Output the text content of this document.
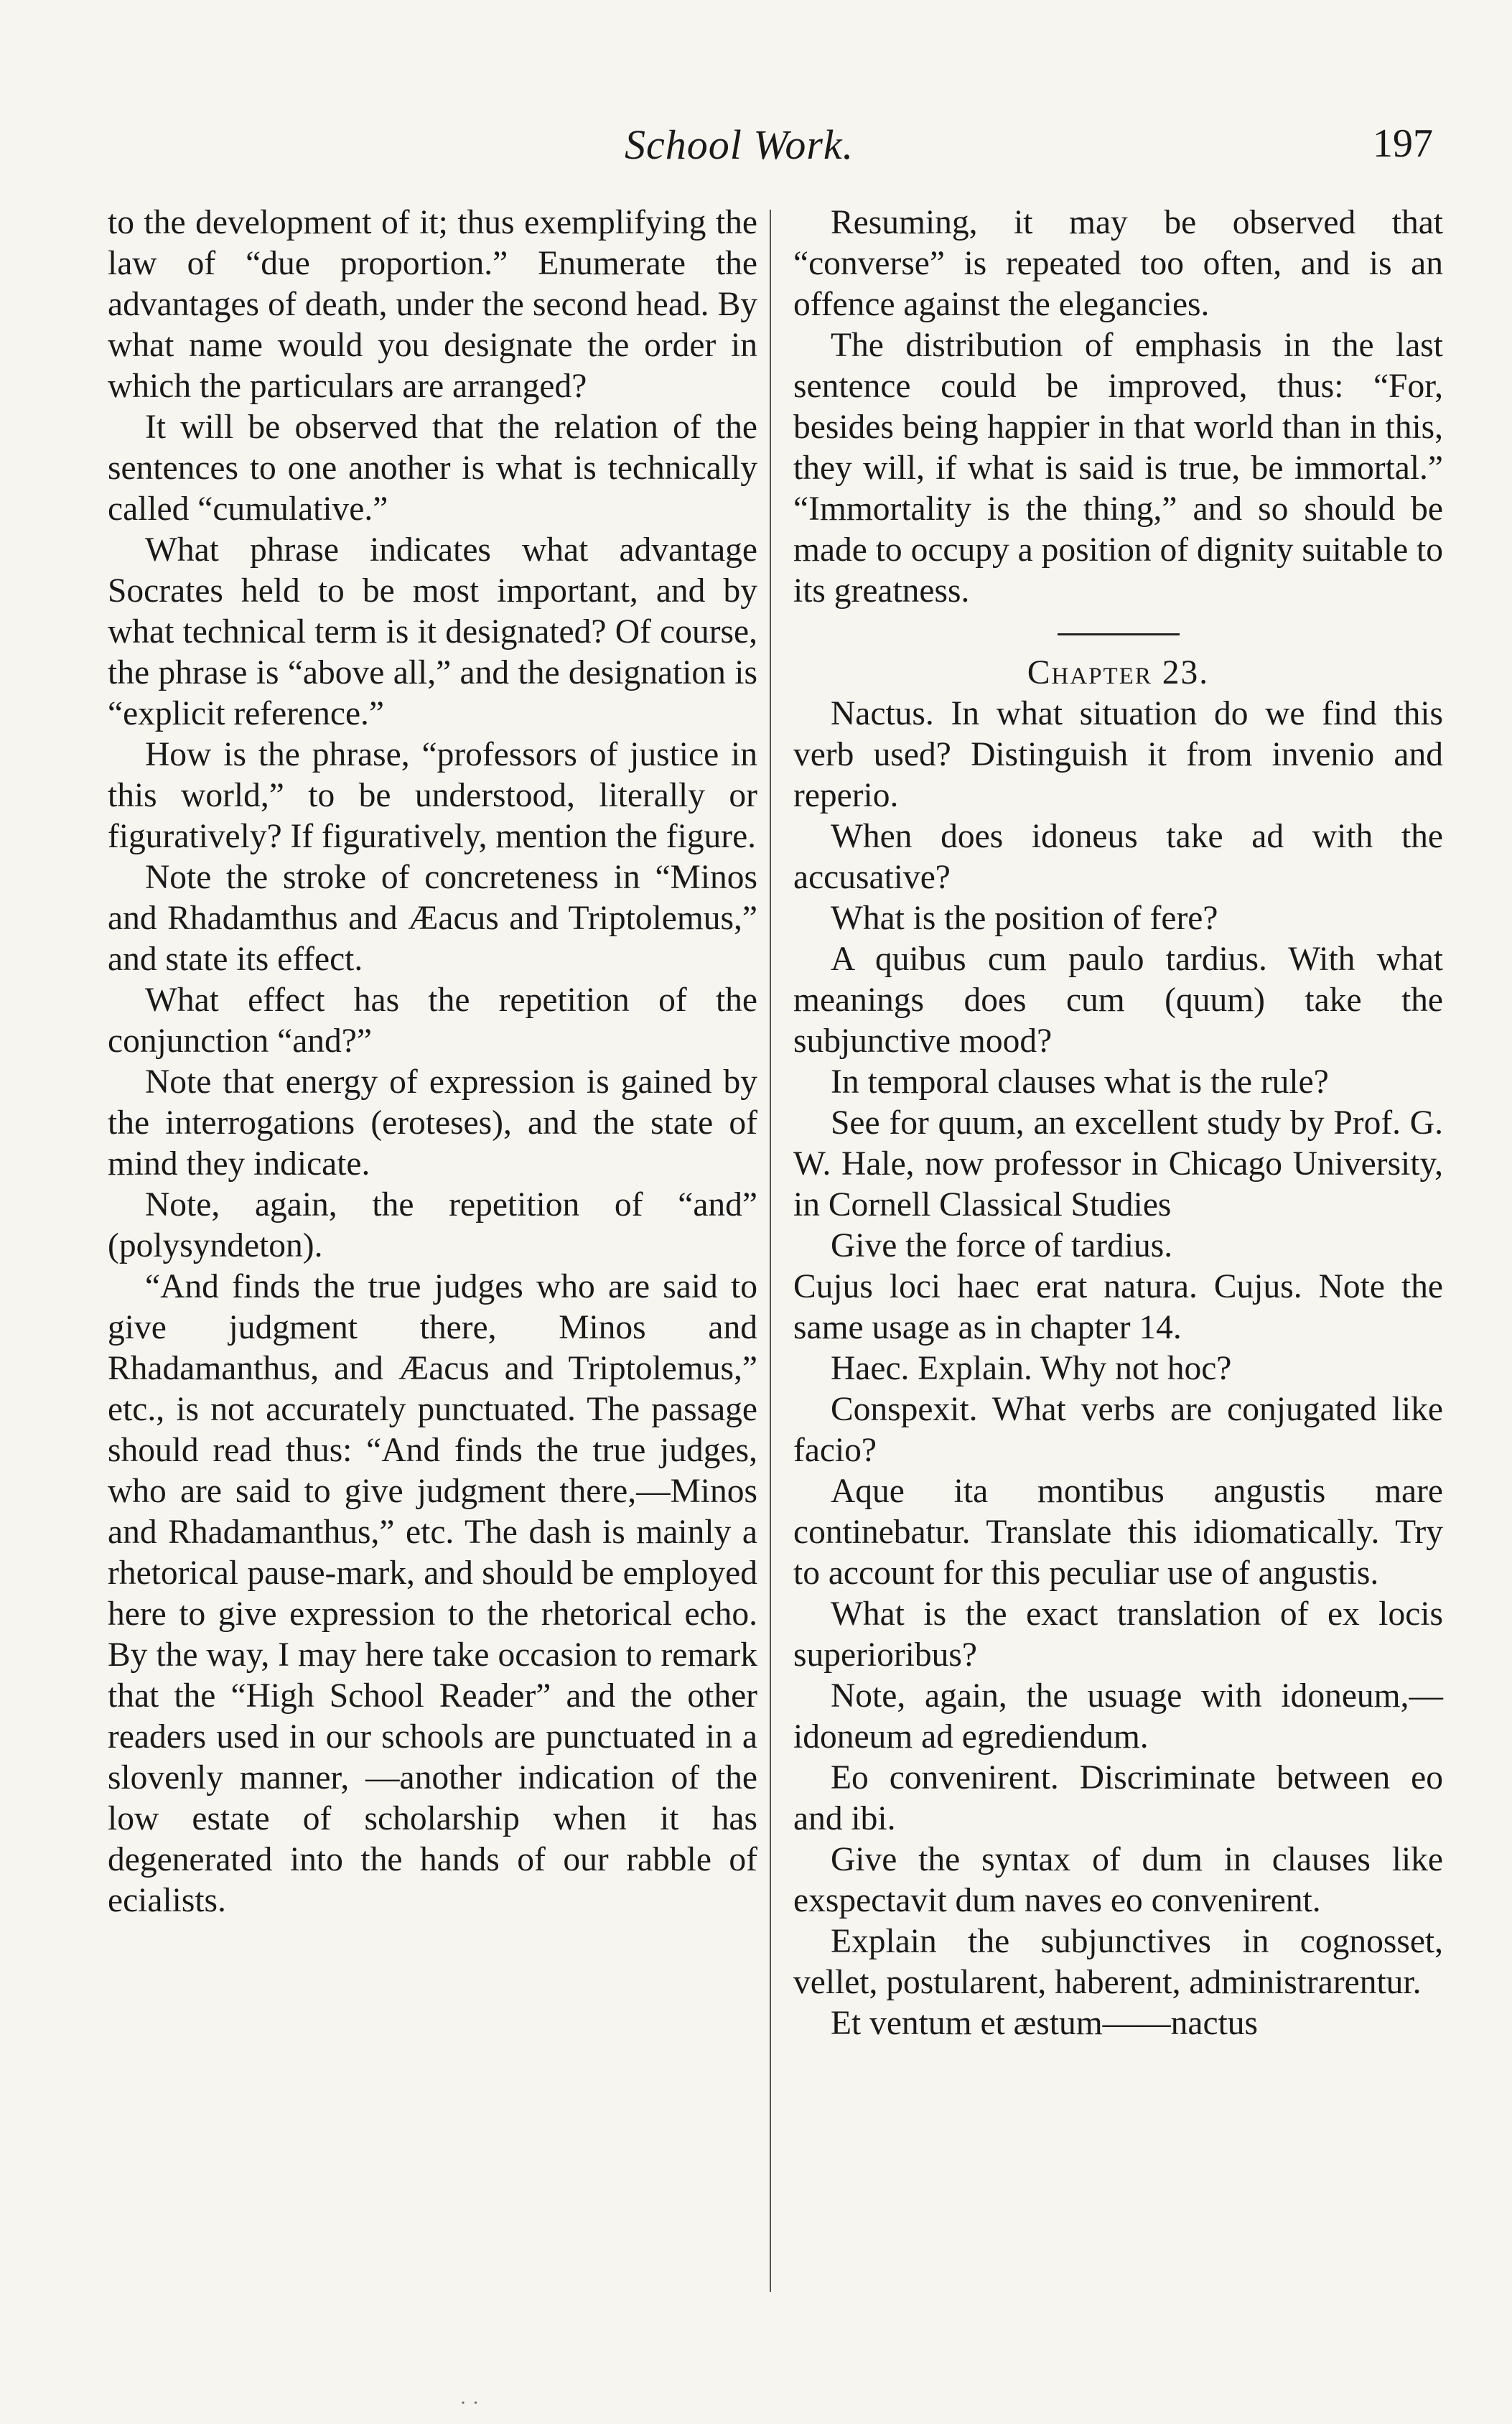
School Work.	197

to the development of it; thus exemplifying the law of “due proportion.” Enumerate the advantages of death, under the second head. By what name would you designate the order in which the particulars are arranged?

It will be observed that the relation of the sentences to one another is what is technically called “cumulative.”

What phrase indicates what advantage Socrates held to be most important, and by what technical term is it designated? Of course, the phrase is “above all,” and the designation is “explicit reference.”

How is the phrase, “professors of justice in this world,” to be understood, literally or figuratively? If figuratively, mention the figure.

Note the stroke of concreteness in “Minos and Rhadamthus and Æacus and Triptolemus,” and state its effect.

What effect has the repetition of the conjunction “and?”

Note that energy of expression is gained by the interrogations (eroteses), and the state of mind they indicate.

Note, again, the repetition of “and” (polysyndeton).

“And finds the true judges who are said to give judgment there, Minos and Rhadamanthus, and Æacus and Triptolemus,” etc., is not accurately punctuated. The passage should read thus: “And finds the true judges, who are said to give judgment there,—Minos and Rhadamanthus,” etc. The dash is mainly a rhetorical pause-mark, and should be employed here to give expression to the rhetorical echo. By the way, I may here take occasion to remark that the “High School Reader” and the other readers used in our schools are punctuated in a slovenly manner, —another indication of the low estate of scholarship when it has degenerated into the hands of our rabble of ecialists.

Resuming, it may be observed that “converse” is repeated too often, and is an offence against the elegancies.

The distribution of emphasis in the last sentence could be improved, thus: “For, besides being happier in that world than in this, they will, if what is said is true, be immortal.” “Immortality is the thing,” and so should be made to occupy a position of dignity suitable to its greatness.

Chapter 23.

Nactus. In what situation do we find this verb used? Distinguish it from invenio and reperio.

When does idoneus take ad with the accusative?

What is the position of fere?

A quibus cum paulo tardius. With what meanings does cum (quum) take the subjunctive mood?

In temporal clauses what is the rule?

See for quum, an excellent study by Prof. G. W. Hale, now professor in Chicago University, in Cornell Classical Studies

Give the force of tardius.

Cujus loci haec erat natura. Cujus. Note the same usage as in chapter 14.

Haec. Explain. Why not hoc?

Conspexit. What verbs are conjugated like facio?

Aque ita montibus angustis mare continebatur. Translate this idiomatically. Try to account for this peculiar use of angustis.

What is the exact translation of ex locis superioribus?

Note, again, the usuage with idoneum,—idoneum ad egrediendum.

Eo convenirent. Discriminate between eo and ibi.

Give the syntax of dum in clauses like exspectavit dum naves eo convenirent.

Explain the subjunctives in cognosset, vellet, postularent, haberent, administrarentur.

Et ventum et æstum——nactus

· ·
